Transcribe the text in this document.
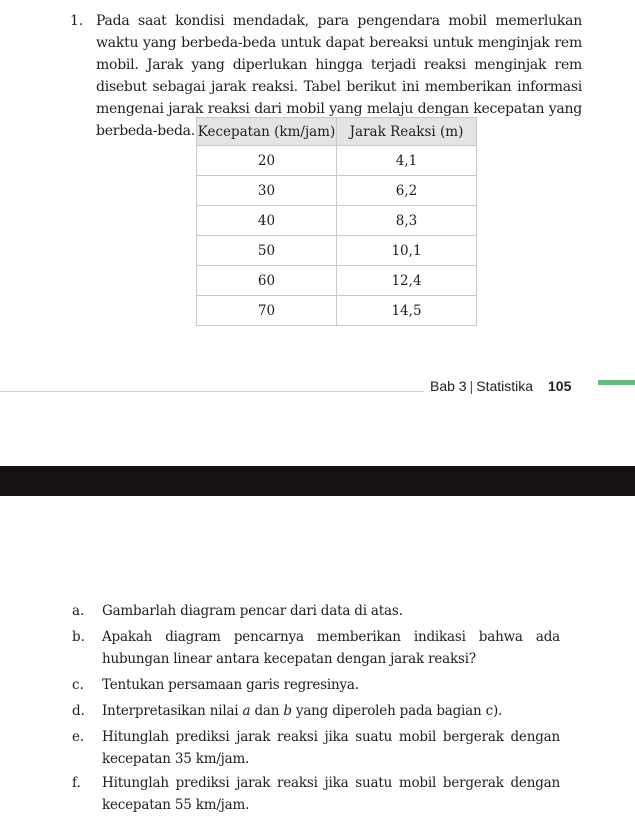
1. Pada saat kondisi mendadak, para pengendara mobil memerlukan waktu yang berbeda-beda untuk dapat bereaksi untuk menginjak rem mobil. Jarak yang diperlukan hingga terjadi reaksi menginjak rem disebut sebagai jarak reaksi. Tabel berikut ini memberikan informasi mengenai jarak reaksi dari mobil yang melaju dengan kecepatan yang berbeda-beda. Kecepatan (km/jam)	Jarak Reaksi (m)
20	4,1
30	6,2
40	8,3
50	10,1
60	12,4
70	14,5
Bab 3 | Statistika 105
a. Gambarlah diagram pencar dari data di atas.
b. Apakah diagram pencarnya memberikan indikasi bahwa ada hubungan linear antara kecepatan dengan jarak reaksi?
c. Tentukan persamaan garis regresinya.
d. Interpretasikan nilai a dan b yang diperoleh pada bagian c).
e. Hitunglah prediksi jarak reaksi jika suatu mobil bergerak dengan kecepatan 35 km/jam.
f. Hitunglah prediksi jarak reaksi jika suatu mobil bergerak dengan kecepatan 55 km/jam.
